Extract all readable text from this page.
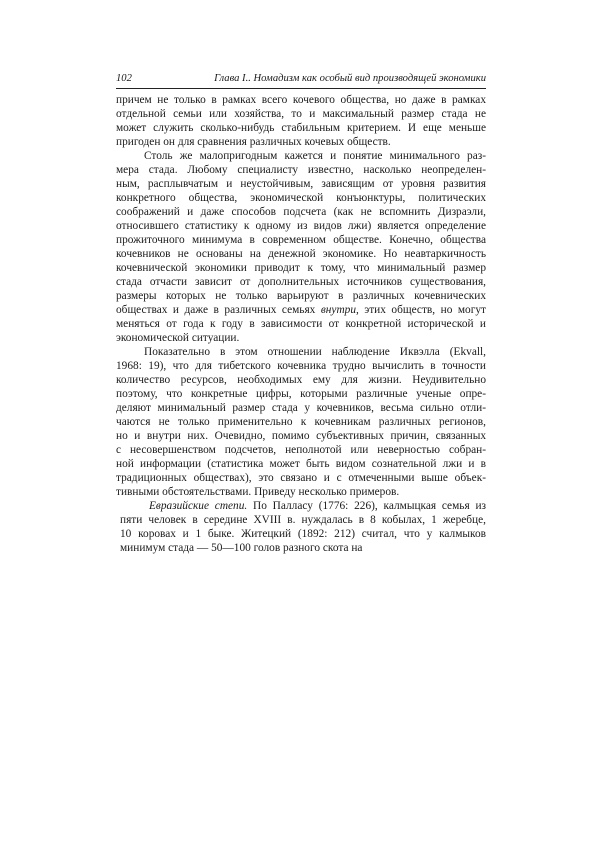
102	Глава I.. Номадизм как особый вид производящей экономики
причем не только в рамках всего кочевого общества, но даже в рамках
отдельной семьи или хозяйства, то и максимальный размер стада не
может служить сколько-нибудь стабильным критерием. И еще меньше
пригоден он для сравнения различных кочевых обществ.
Столь же малопригодным кажется и понятие минимального раз-
мера стада. Любому специалисту известно, насколько неопределен-
ным, расплывчатым и неустойчивым, зависящим от уровня развития
конкретного общества, экономической конъюнктуры, политических
соображений и даже способов подсчета (как не вспомнить Дизраэли,
относившего статистику к одному из видов лжи) является определение
прожиточного минимума в современном обществе. Конечно, общества
кочевников не основаны на денежной экономике. Но неавтаркичность
кочевнической экономики приводит к тому, что минимальный размер
стада отчасти зависит от дополнительных источников существования,
размеры которых не только варьируют в различных кочевнических
обществах и даже в различных семьях внутри, этих обществ, но могут
меняться от года к году в зависимости от конкретной исторической и
экономической ситуации.
Показательно в этом отношении наблюдение Иквэлла (Ekvall,
1968: 19), что для тибетского кочевника трудно вычислить в точности
количество ресурсов, необходимых ему для жизни. Неудивительно
поэтому, что конкретные цифры, которыми различные ученые опре-
деляют минимальный размер стада у кочевников, весьма сильно отли-
чаются не только применительно к кочевникам различных регионов,
но и внутри них. Очевидно, помимо субъективных причин, связанных
с несовершенством подсчетов, неполнотой или неверностью собран-
ной информации (статистика может быть видом сознательной лжи и в
традиционных обществах), это связано и с отмеченными выше объек-
тивными обстоятельствами. Приведу несколько примеров.
Евразийские степи. По Палласу (1776: 226), калмыцкая семья из
пяти человек в середине XVIII в. нуждалась в 8 кобылах, 1 жеребце,
10 коровах и 1 быке. Житецкий (1892: 212) считал, что у калмыков
минимум стада — 50—100 голов разного скота на
